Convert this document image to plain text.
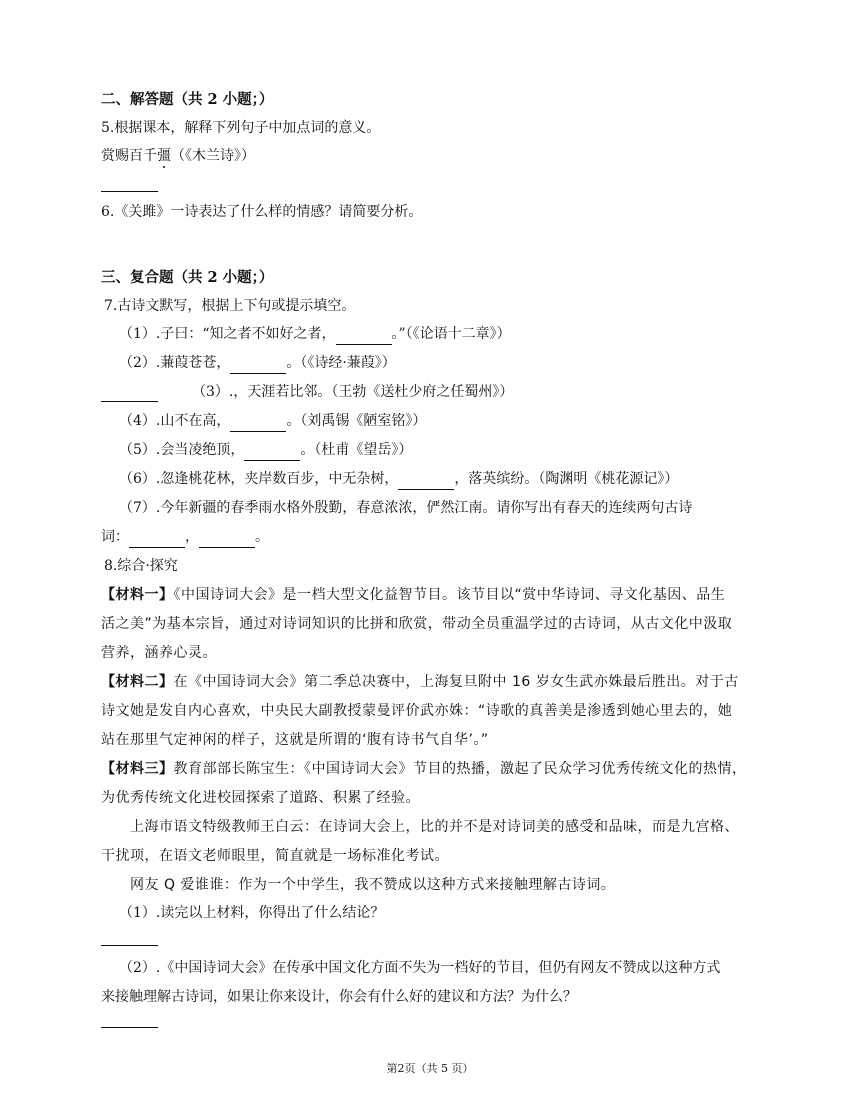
二、解答题（共 2 小题；）
5.根据课本，解释下列句子中加点词的意义。
赏赐百千彊（《木兰诗》）
6.《关雎》一诗表达了什么样的情感？请简要分析。
三、复合题（共 2 小题；）
7.古诗文默写，根据上下句或提示填空。
（1）.子曰：“知之者不如好之者，	。”（《论语十二章》）
（2）.蒹葭苍苍，	。（《诗经·蒹葭》）
（3）.，天涯若比邻。（王勃《送杜少府之任蜀州》）
（4）.山不在高，	。（刘禹锡《陋室铭》）
（5）.会当凌绝顶，	。（杜甫《望岳》）
（6）.忽逢桃花林，夹岸数百步，中无杂树，	，落英缤纷。（陶渊明《桃花源记》）
（7）.今年新疆的春季雨水格外殷勤，春意浓浓，俨然江南。请你写出有春天的连续两句古诗
词：	，	。
8.综合·探究
【材料一】《中国诗词大会》是一档大型文化益智节目。该节目以“赏中华诗词、寻文化基因、品生
活之美”为基本宗旨，通过对诗词知识的比拼和欣赏，带动全员重温学过的古诗词，从古文化中汲取
营养，涵养心灵。
【材料二】在《中国诗词大会》第二季总决赛中，上海复旦附中 16 岁女生武亦姝最后胜出。对于古
诗文她是发自内心喜欢，中央民大副教授蒙曼评价武亦姝：“诗歌的真善美是渗透到她心里去的，她
站在那里气定神闲的样子，这就是所谓的‘腹有诗书气自华’。”
【材料三】教育部部长陈宝生：《中国诗词大会》节目的热播，激起了民众学习优秀传统文化的热情，
为优秀传统文化进校园探索了道路、积累了经验。
上海市语文特级教师王白云：在诗词大会上，比的并不是对诗词美的感受和品味，而是九宫格、
干扰项，在语文老师眼里，简直就是一场标准化考试。
网友 Q 爱谁谁：作为一个中学生，我不赞成以这种方式来接触理解古诗词。
（1）.读完以上材料，你得出了什么结论？
（2）.《中国诗词大会》在传承中国文化方面不失为一档好的节目，但仍有网友不赞成以这种方式
来接触理解古诗词，如果让你来设计，你会有什么好的建议和方法？为什么？
第2页（共 5 页）
